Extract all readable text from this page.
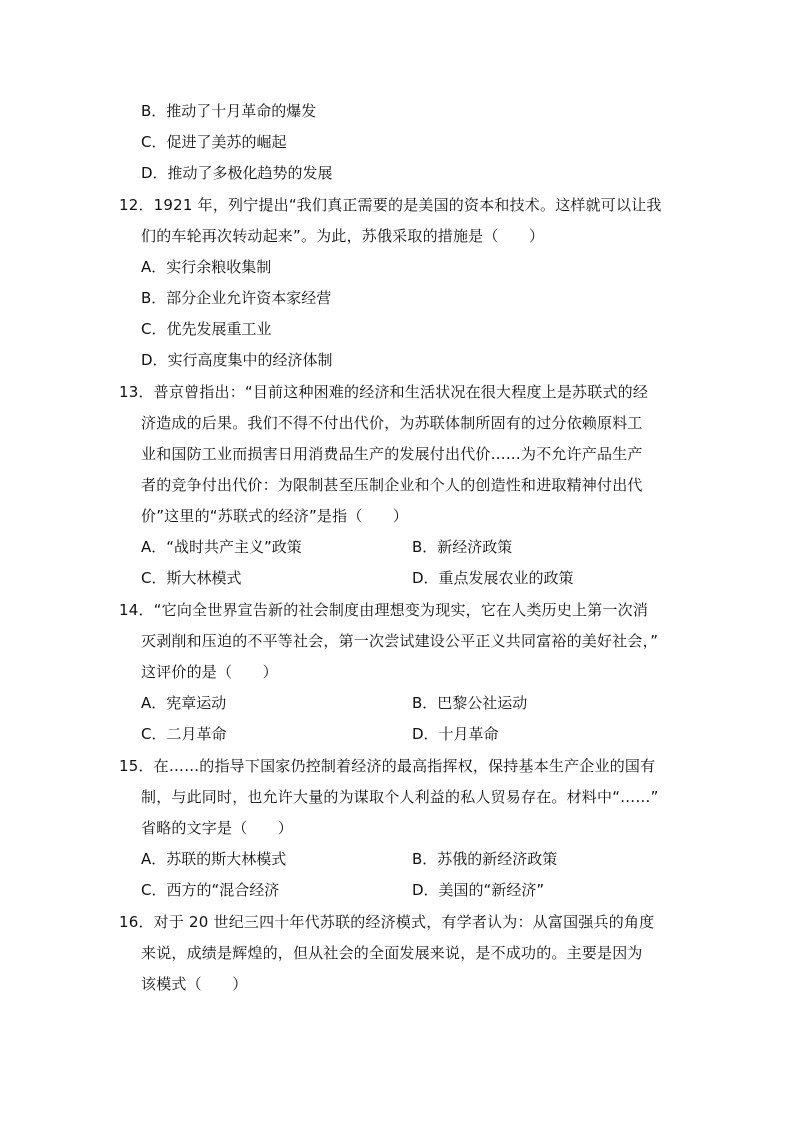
B．推动了十月革命的爆发
C．促进了美苏的崛起
D．推动了多极化趋势的发展
12．1921 年，列宁提出“我们真正需要的是美国的资本和技术。这样就可以让我
们的车轮再次转动起来”。为此，苏俄采取的措施是（　　）
A．实行余粮收集制
B．部分企业允许资本家经营
C．优先发展重工业
D．实行高度集中的经济体制
13．普京曾指出：“目前这种困难的经济和生活状况在很大程度上是苏联式的经
济造成的后果。我们不得不付出代价，为苏联体制所固有的过分依赖原料工
业和国防工业而损害日用消费品生产的发展付出代价……为不允许产品生产
者的竞争付出代价：为限制甚至压制企业和个人的创造性和进取精神付出代
价”这里的“苏联式的经济”是指（　　）
A．“战时共产主义”政策	B．新经济政策
C．斯大林模式	D．重点发展农业的政策
14．“它向全世界宣告新的社会制度由理想变为现实，它在人类历史上第一次消
灭剥削和压迫的不平等社会，第一次尝试建设公平正义共同富裕的美好社会，”
这评价的是（　　）
A．宪章运动	B．巴黎公社运动
C．二月革命	D．十月革命
15．在……的指导下国家仍控制着经济的最高指挥权，保持基本生产企业的国有
制，与此同时，也允许大量的为谋取个人利益的私人贸易存在。材料中“……”
省略的文字是（　　）
A．苏联的斯大林模式	B．苏俄的新经济政策
C．西方的“混合经济	D．美国的“新经济”
16．对于 20 世纪三四十年代苏联的经济模式，有学者认为：从富国强兵的角度
来说，成绩是辉煌的，但从社会的全面发展来说，是不成功的。主要是因为
该模式（　　）
